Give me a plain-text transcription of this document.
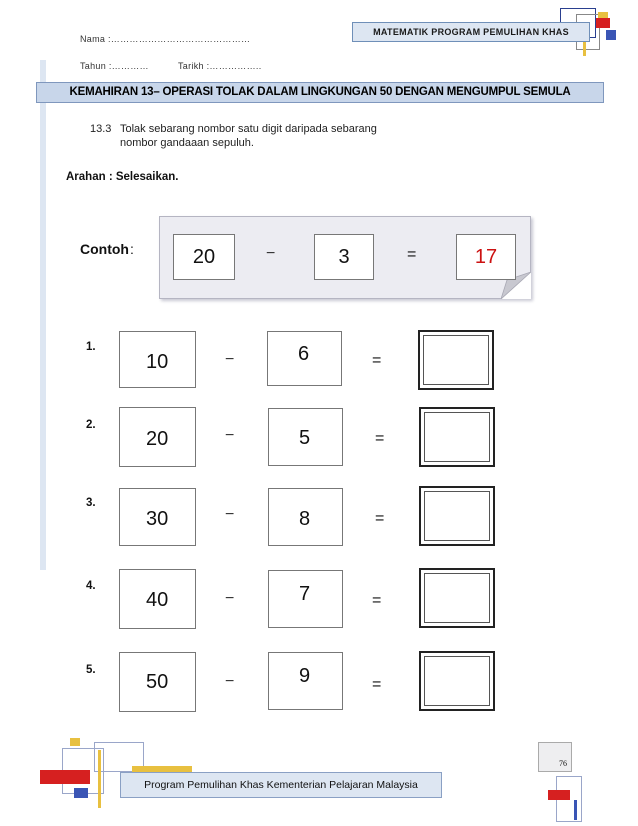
Nama :………………………………………
Tahun :…………	Tarikh :……………..
MATEMATIK PROGRAM PEMULIHAN KHAS
KEMAHIRAN 13– OPERASI TOLAK DALAM LINGKUNGAN 50 DENGAN MENGUMPUL SEMULA
13.3 Tolak sebarang nombor satu digit daripada sebarang
nombor gandaaan sepuluh.
Arahan : Selesaikan.
Contoh :	20	−	3	=	17
1.
10	−	6	=
2.
20	−	5	=
3.
30	−	8	=
4.
40	−	7	=
5.
50	−	9	=
76
Program Pemulihan Khas Kementerian Pelajaran Malaysia
